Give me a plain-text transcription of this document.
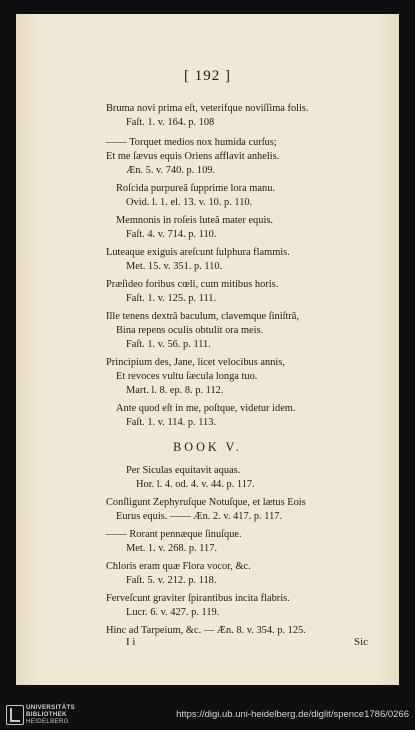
[ 192 ]
Bruma novi prima eſt, veterifque noviſſima folis.
Faſt. 1. v. 164. p. 108
—— Torquet medios nox humida curſus;
Et me ſævus equis Oriens afflavit anhelis.
Æn. 5. v. 740. p. 109.
Roſcida purpureâ ſupprime lora manu.
Ovid. l. 1. el. 13. v. 10. p. 110.
Memnonis in roſeis luteâ mater equis.
Faſt. 4. v. 714. p. 110.
Luteaque exiguis areſcunt ſulphura flammis.
Met. 15. v. 351. p. 110.
Præſideo foribus cœli, cum mitibus horis.
Faſt. 1. v. 125. p. 111.
Ille tenens dextrâ baculum, clavemque ſiniſtrâ,
Bina repens oculis obtulit ora meis.
Faſt. 1. v. 56. p. 111.
Principium des, Jane, licet velocibus annis,
Et revoces vultu ſæcula longa tuo.
Mart. l. 8. ep. 8. p. 112.
Ante quod eſt in me, poſtque, videtur idem.
Faſt. 1. v. 114. p. 113.
BOOK V.
Per Siculas equitavit aquas.
Hor. l. 4. od. 4. v. 44. p. 117.
Conſligunt Zephyruſque Notuſque, et lætus Eois
Eurus equis. —— Æn. 2. v. 417. p. 117.
—— Rorant pennæque ſinuſque.
Met. 1. v. 268. p. 117.
Chloris eram quæ Flora vocor, &c.
Faſt. 5. v. 212. p. 118.
Ferveſcunt graviter ſpirantibus incita flabris.
Lucr. 6. v. 427. p. 119.
Hinc ad Tarpeium, &c. — Æn. 8. v. 354. p. 125.
I i	Sic
UNIVERSITÄTS
BIBLIOTHEK
HEIDELBERG
https://digi.ub.uni-heidelberg.de/diglit/spence1786/0266
